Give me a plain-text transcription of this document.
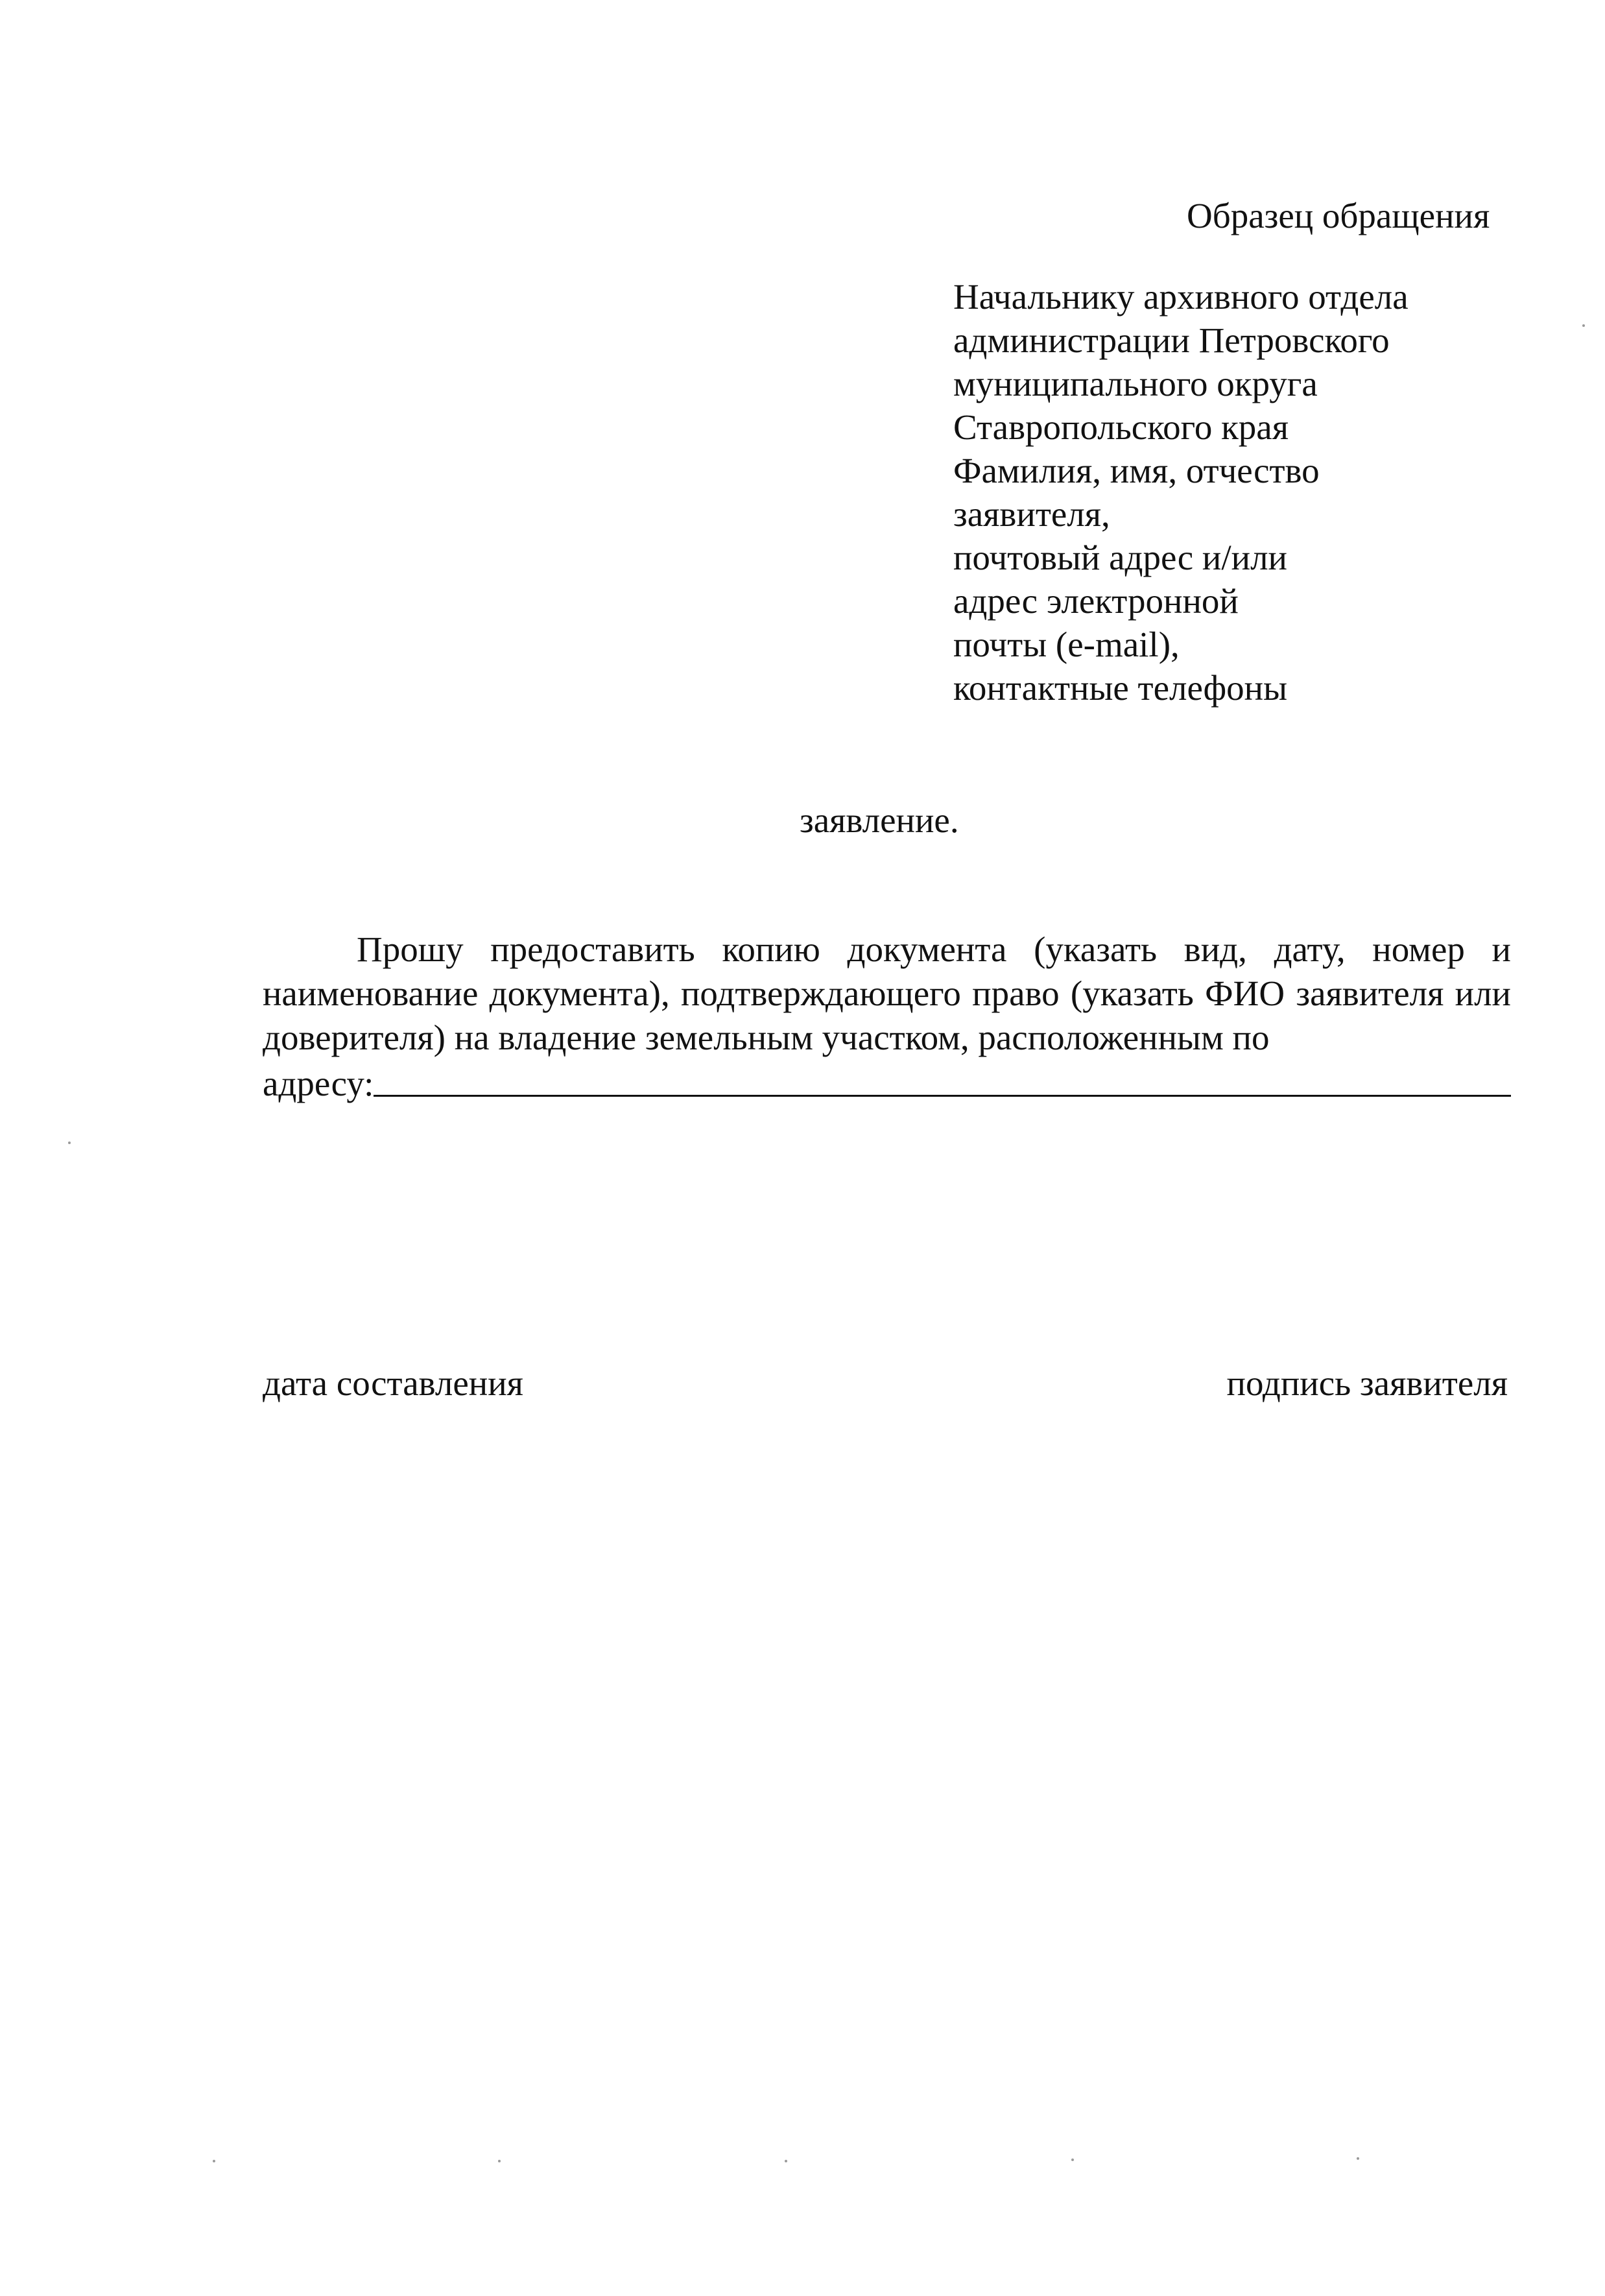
Образец обращения
Начальнику архивного отдела
администрации Петровского
муниципального округа
Ставропольского края
Фамилия, имя, отчество
заявителя,
почтовый адрес и/или
адрес электронной
почты (e-mail),
контактные телефоны
заявление.
Прошу предоставить копию документа (указать вид, дату, номер и наименование документа), подтверждающего право (указать ФИО заявителя или доверителя) на владение земельным участком, расположенным по
адресу:
дата составления	подпись заявителя
